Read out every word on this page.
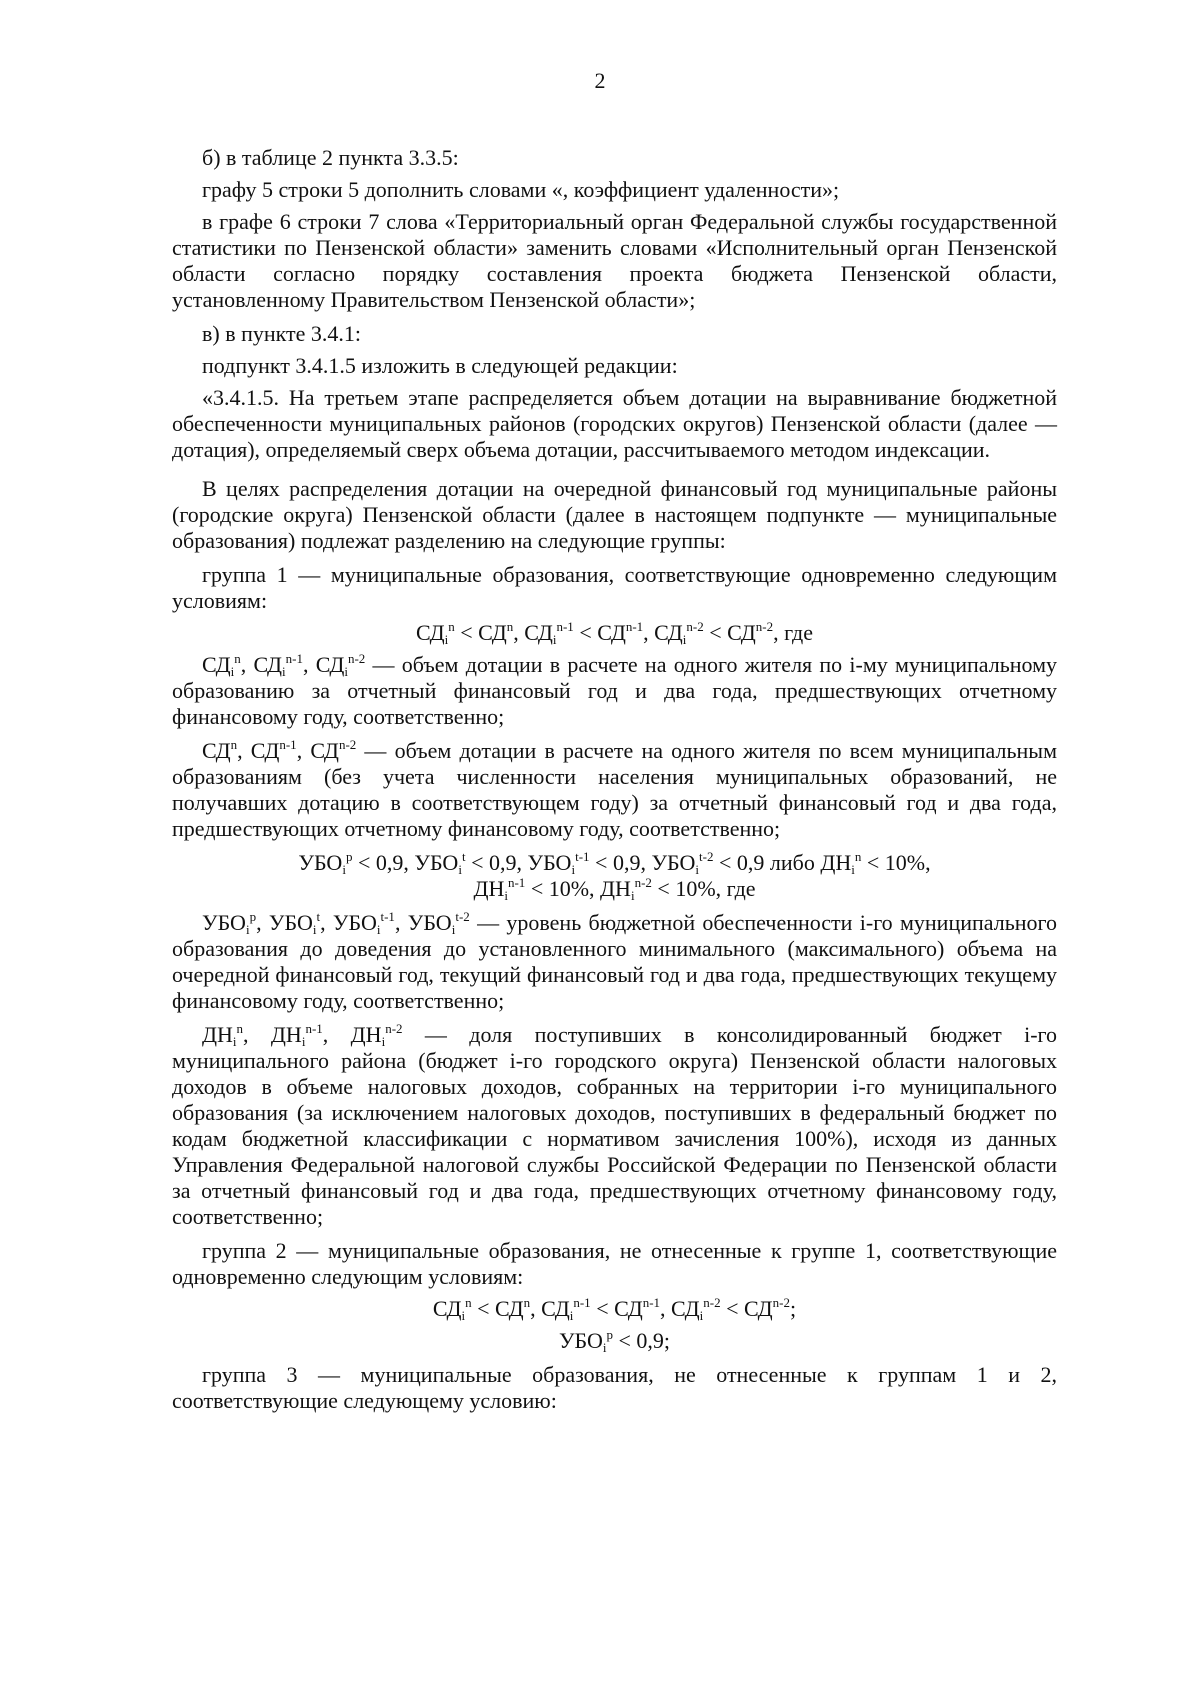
2

б) в таблице 2 пункта 3.3.5:

графу 5 строки 5 дополнить словами «, коэффициент удаленности»;

в графе 6 строки 7 слова «Территориальный орган Федеральной службы государственной статистики по Пензенской области» заменить словами «Исполнительный орган Пензенской области согласно порядку составления проекта бюджета Пензенской области, установленному Правительством Пензенской области»;

в) в пункте 3.4.1:

подпункт 3.4.1.5 изложить в следующей редакции:

«3.4.1.5. На третьем этапе распределяется объем дотации на выравнивание бюджетной обеспеченности муниципальных районов (городских округов) Пензенской области (далее — дотация), определяемый сверх объема дотации, рассчитываемого методом индексации.

В целях распределения дотации на очередной финансовый год муниципальные районы (городские округа) Пензенской области (далее в настоящем подпункте — муниципальные образования) подлежат разделению на следующие группы:

группа 1 — муниципальные образования, соответствующие одновременно следующим условиям:

$СД_i^n < СД^n$, $СД_i^{n-1} < СД^{n-1}$, $СД_i^{n-2} < СД^{n-2}$, где

$СД_i^n$, $СД_i^{n-1}$, $СД_i^{n-2}$ — объем дотации в расчете на одного жителя по i-му муниципальному образованию за отчетный финансовый год и два года, предшествующих отчетному финансовому году, соответственно;

$СД^n$, СД$^{n-1}$, СД$^{n-2}$ — объем дотации в расчете на одного жителя по всем муниципальным образованиям (без учета численности населения муниципальных образований, не получавших дотацию в соответствующем году) за отчетный финансовый год и два года, предшествующих отчетному финансовому году, соответственно;

$УБО_i^p < 0,9$, $УБО_i^t < 0,9$, $УБО_i^{t-1} < 0,9$, $УБО_i^{t-2} < 0,9$ либо $ДН_i^n < 10\%$,
$ДН_i^{n-1} < 10\%$, $ДН_i^{n-2} < 10\%$, где

$УБО_i^p$, $УБО_i^t$, $УБО_i^{t-1}$, $УБО_i^{t-2}$ — уровень бюджетной обеспеченности i-го муниципального образования до доведения до установленного минимального (максимального) объема на очередной финансовый год, текущий финансовый год и два года, предшествующих текущему финансовому году, соответственно;

$ДН_i^n$, $ДН_i^{n-1}$, $ДН_i^{n-2}$ — доля поступивших в консолидированный бюджет i-го муниципального района (бюджет i-го городского округа) Пензенской области налоговых доходов в объеме налоговых доходов, собранных на территории i-го муниципального образования (за исключением налоговых доходов, поступивших в федеральный бюджет по кодам бюджетной классификации с нормативом зачисления 100%), исходя из данных Управления Федеральной налоговой службы Российской Федерации по Пензенской области за отчетный финансовый год и два года, предшествующих отчетному финансовому году, соответственно;

группа 2 — муниципальные образования, не отнесенные к группе 1, соответствующие одновременно следующим условиям:

$СД_i^n < СД^n$, $СД_i^{n-1} < СД^{n-1}$, $СД_i^{n-2} < СД^{n-2}$;
$УБО_i^p < 0,9$;

группа 3 — муниципальные образования, не отнесенные к группам 1 и 2, соответствующие следующему условию:
